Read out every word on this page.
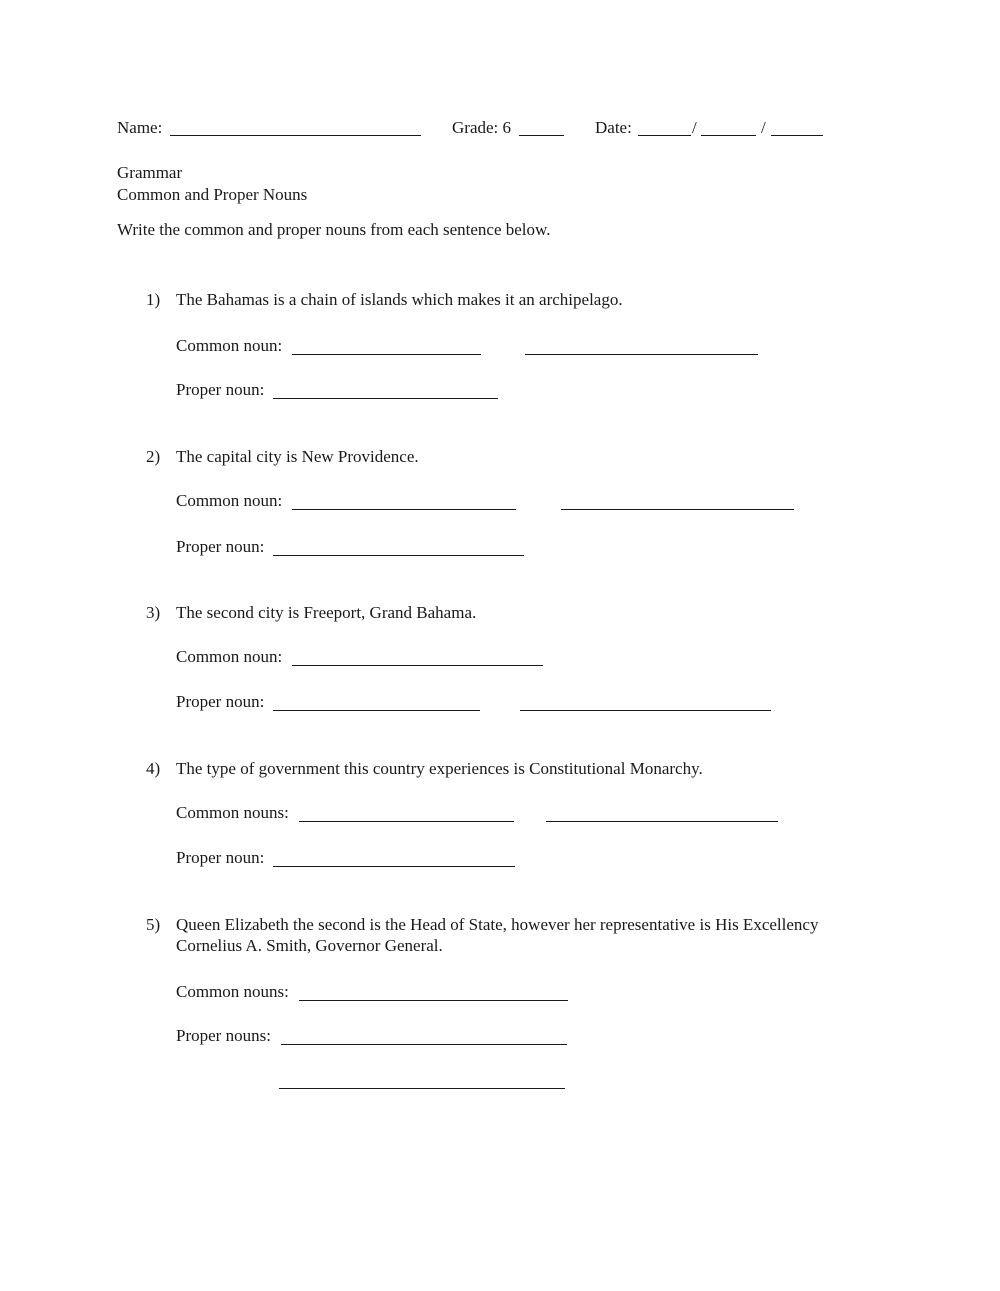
Name:	Grade: 6	Date:	/	/
Grammar
Common and Proper Nouns
Write the common and proper nouns from each sentence below.
1) The Bahamas is a chain of islands which makes it an archipelago.
Common noun:
Proper noun:
2) The capital city is New Providence.
Common noun:
Proper noun:
3) The second city is Freeport, Grand Bahama.
Common noun:
Proper noun:
4) The type of government this country experiences is Constitutional Monarchy.
Common nouns:
Proper noun:
5) Queen Elizabeth the second is the Head of State, however her representative is His Excellency
Cornelius A. Smith, Governor General.
Common nouns:
Proper nouns:
